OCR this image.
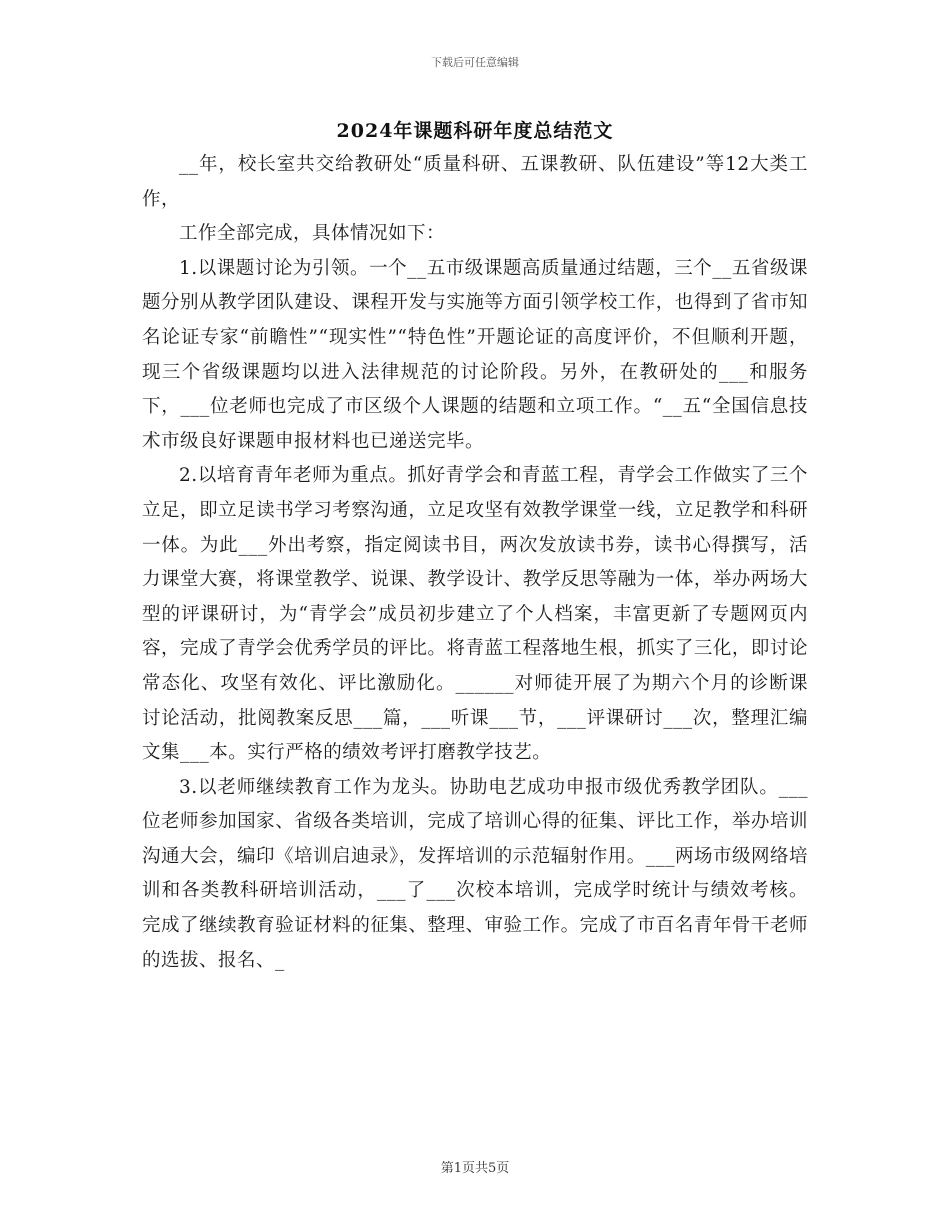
下载后可任意编辑
2024年课题科研年度总结范文

__年，校长室共交给教研处“质量科研、五课教研、队伍建设”等12大类工作，

工作全部完成，具体情况如下：

1.以课题讨论为引领。一个__五市级课题高质量通过结题，三个__五省级课题分别从教学团队建设、课程开发与实施等方面引领学校工作，也得到了省市知名论证专家“前瞻性”“现实性”“特色性”开题论证的高度评价，不但顺利开题，现三个省级课题均以进入法律规范的讨论阶段。另外，在教研处的___和服务下，___位老师也完成了市区级个人课题的结题和立项工作。“__五“全国信息技术市级良好课题申报材料也已递送完毕。

2.以培育青年老师为重点。抓好青学会和青蓝工程，青学会工作做实了三个立足，即立足读书学习考察沟通，立足攻坚有效教学课堂一线，立足教学和科研一体。为此___外出考察，指定阅读书目，两次发放读书券，读书心得撰写，活力课堂大赛，将课堂教学、说课、教学设计、教学反思等融为一体，举办两场大型的评课研讨，为“青学会”成员初步建立了个人档案，丰富更新了专题网页内容，完成了青学会优秀学员的评比。将青蓝工程落地生根，抓实了三化，即讨论常态化、攻坚有效化、评比激励化。______对师徒开展了为期六个月的诊断课讨论活动，批阅教案反思___篇，___听课___节，___评课研讨___次，整理汇编文集___本。实行严格的绩效考评打磨教学技艺。

3.以老师继续教育工作为龙头。协助电艺成功申报市级优秀教学团队。___位老师参加国家、省级各类培训，完成了培训心得的征集、评比工作，举办培训沟通大会，编印《培训启迪录》，发挥培训的示范辐射作用。___两场市级网络培训和各类教科研培训活动，___了___次校本培训，完成学时统计与绩效考核。完成了继续教育验证材料的征集、整理、审验工作。完成了市百名青年骨干老师的选拔、报名、_

第1页共5页
